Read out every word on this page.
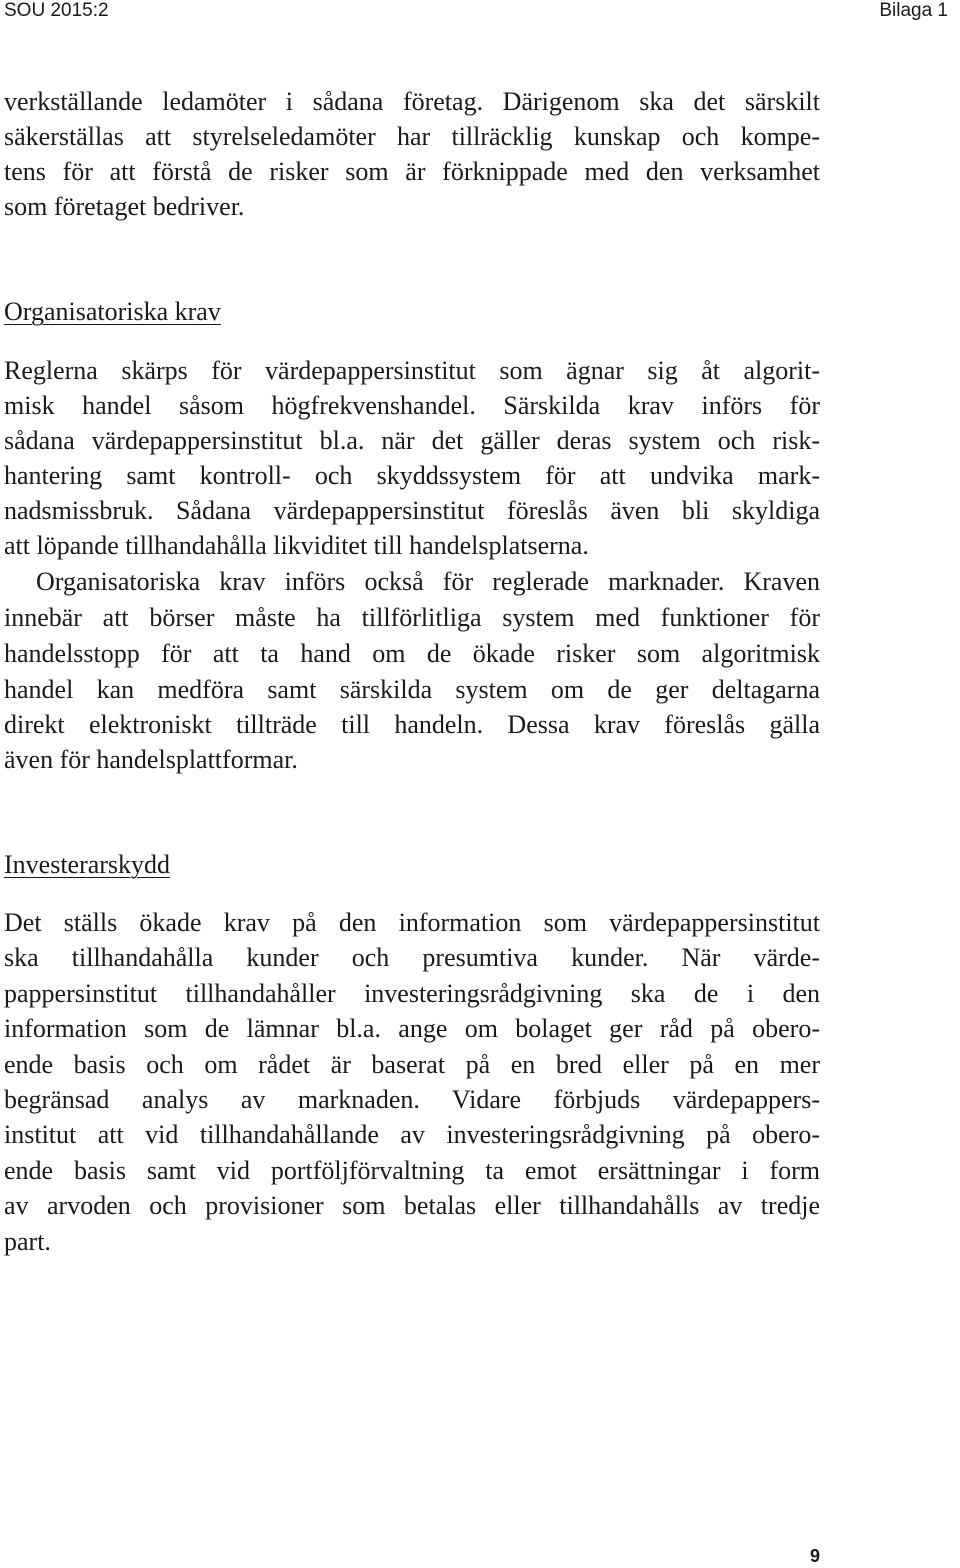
SOU 2015:2	Bilaga 1
verkställande ledamöter i sådana företag. Därigenom ska det särskilt
säkerställas att styrelseledamöter har tillräcklig kunskap och kompe-
tens för att förstå de risker som är förknippade med den verksamhet
som företaget bedriver.
Organisatoriska krav
Reglerna skärps för värdepappersinstitut som ägnar sig åt algorit-
misk handel såsom högfrekvenshandel. Särskilda krav införs för
sådana värdepappersinstitut bl.a. när det gäller deras system och risk-
hantering samt kontroll- och skyddssystem för att undvika mark-
nadsmissbruk. Sådana värdepappersinstitut föreslås även bli skyldiga
att löpande tillhandahålla likviditet till handelsplatserna.
Organisatoriska krav införs också för reglerade marknader. Kraven
innebär att börser måste ha tillförlitliga system med funktioner för
handelsstopp för att ta hand om de ökade risker som algoritmisk
handel kan medföra samt särskilda system om de ger deltagarna
direkt elektroniskt tillträde till handeln. Dessa krav föreslås gälla
även för handelsplattformar.
Investerarskydd
Det ställs ökade krav på den information som värdepappersinstitut
ska tillhandahålla kunder och presumtiva kunder. När värde-
pappersinstitut tillhandahåller investeringsrådgivning ska de i den
information som de lämnar bl.a. ange om bolaget ger råd på obero-
ende basis och om rådet är baserat på en bred eller på en mer
begränsad analys av marknaden. Vidare förbjuds värdepappers-
institut att vid tillhandahållande av investeringsrådgivning på obero-
ende basis samt vid portföljförvaltning ta emot ersättningar i form
av arvoden och provisioner som betalas eller tillhandahålls av tredje
part.
9
